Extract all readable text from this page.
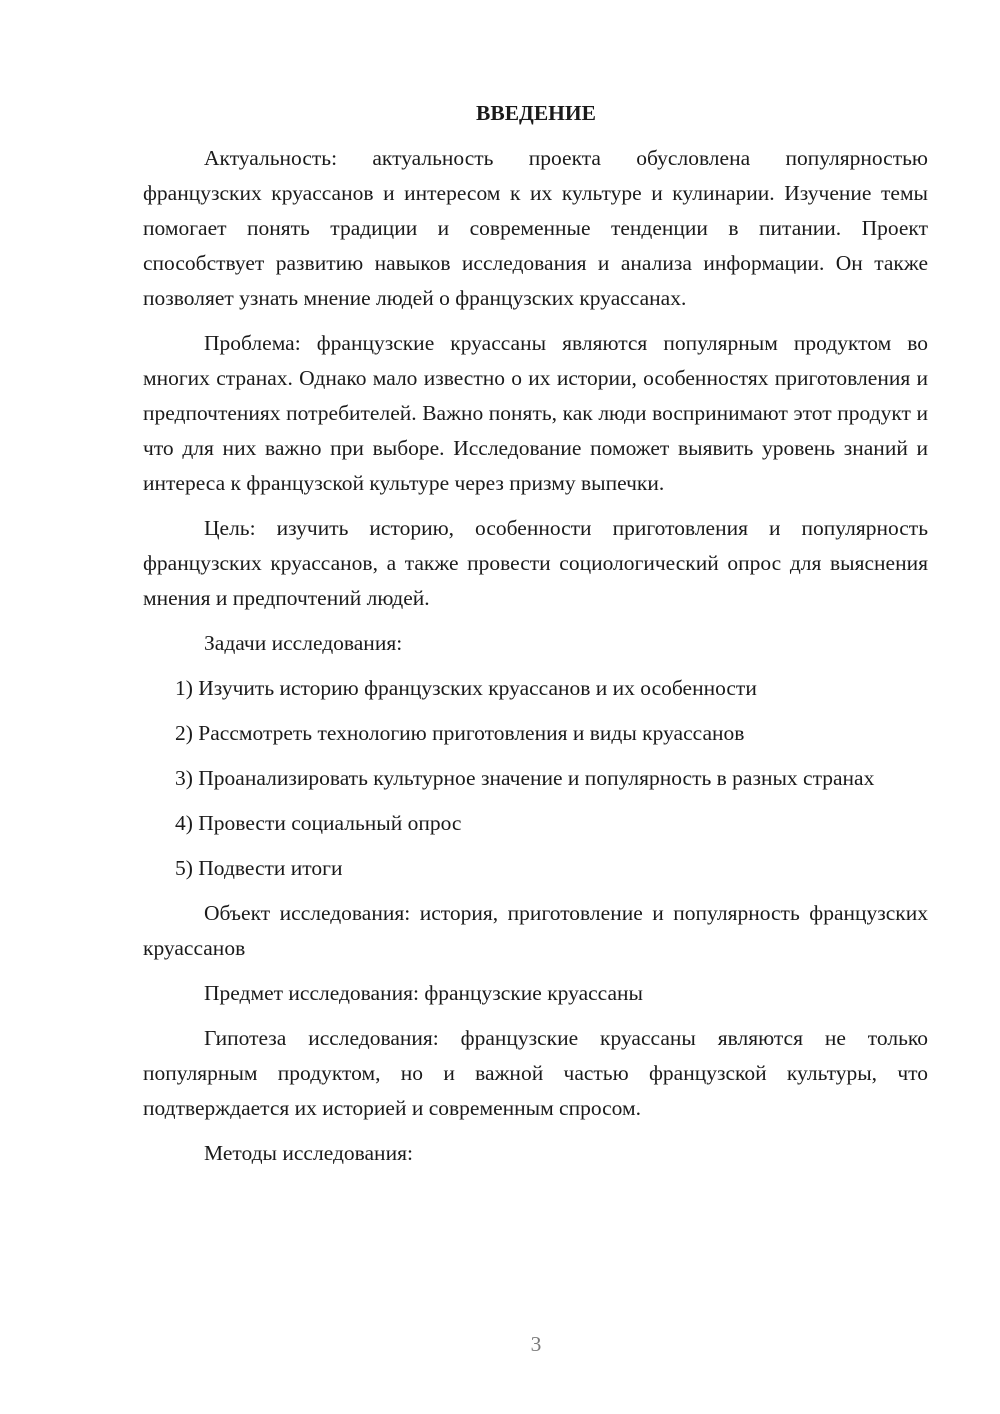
ВВЕДЕНИЕ

Актуальность: актуальность проекта обусловлена популярностью французских круассанов и интересом к их культуре и кулинарии. Изучение темы помогает понять традиции и современные тенденции в питании. Проект способствует развитию навыков исследования и анализа информации. Он также позволяет узнать мнение людей о французских круассанах.

Проблема: французские круассаны являются популярным продуктом во многих странах. Однако мало известно о их истории, особенностях приготовления и предпочтениях потребителей. Важно понять, как люди воспринимают этот продукт и что для них важно при выборе. Исследование поможет выявить уровень знаний и интереса к французской культуре через призму выпечки.

Цель: изучить историю, особенности приготовления и популярность французских круассанов, а также провести социологический опрос для выяснения мнения и предпочтений людей.

Задачи исследования:

1) Изучить историю французских круассанов и их особенности

2) Рассмотреть технологию приготовления и виды круассанов

3) Проанализировать культурное значение и популярность в разных странах

4) Провести социальный опрос

5) Подвести итоги

Объект исследования: история, приготовление и популярность французских круассанов

Предмет исследования: французские круассаны

Гипотеза исследования: французские круассаны являются не только популярным продуктом, но и важной частью французской культуры, что подтверждается их историей и современным спросом.

Методы исследования:

3
